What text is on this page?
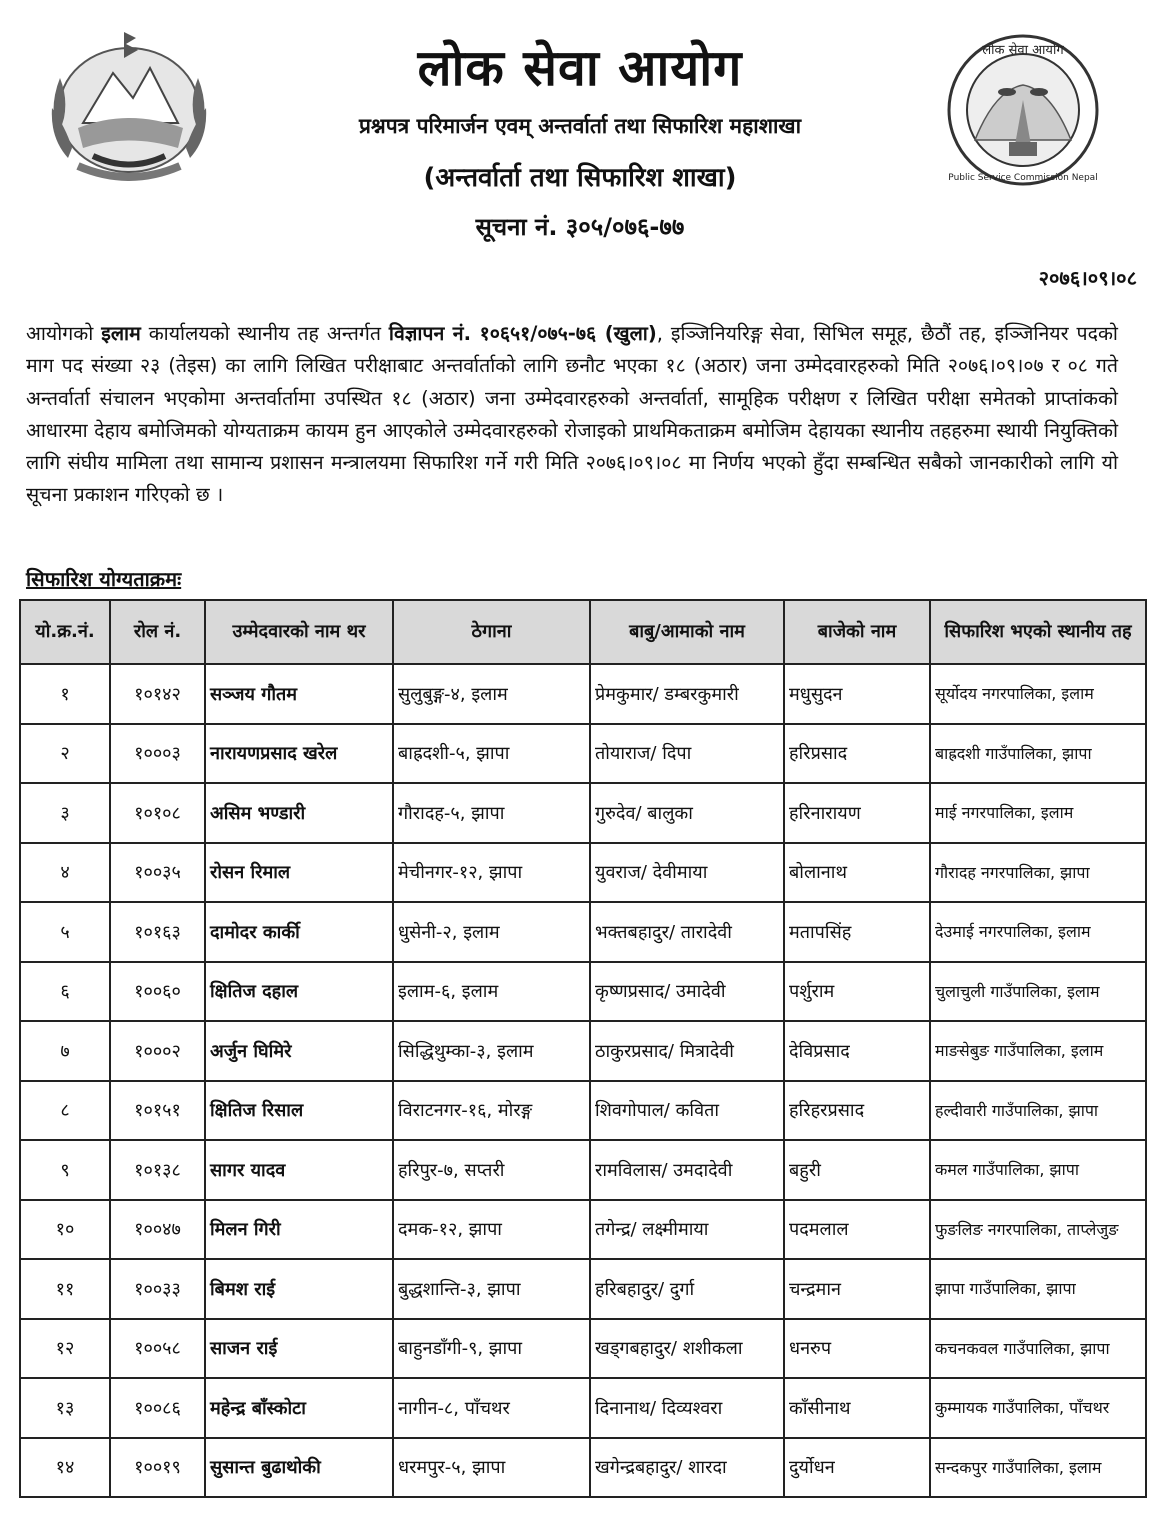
लोक सेवा आयोग
Public Service Commission Nepal
लोक सेवा आयोग
प्रश्नपत्र परिमार्जन एवम् अन्तर्वार्ता तथा सिफारिश महाशाखा
(अन्तर्वार्ता तथा सिफारिश शाखा)
सूचना नं. ३०५/०७६-७७
२०७६।०९।०८
आयोगको इलाम कार्यालयको स्थानीय तह अन्तर्गत विज्ञापन नं. १०६५१/०७५-७६ (खुला), इञ्जिनियरिङ्ग सेवा, सिभिल समूह, छैठौं तह, इञ्जिनियर पदको माग पद संख्या २३ (तेइस) का लागि लिखित परीक्षाबाट अन्तर्वार्ताको लागि छनौट भएका १८ (अठार) जना उम्मेदवारहरुको मिति २०७६।०९।०७ र ०८ गते अन्तर्वार्ता संचालन भएकोमा अन्तर्वार्तामा उपस्थित १८ (अठार) जना उम्मेदवारहरुको अन्तर्वार्ता, सामूहिक परीक्षण र लिखित परीक्षा समेतको प्राप्तांकको आधारमा देहाय बमोजिमको योग्यताक्रम कायम हुन आएकोले उम्मेदवारहरुको रोजाइको प्राथमिकताक्रम बमोजिम देहायका स्थानीय तहहरुमा स्थायी नियुक्तिको लागि संघीय मामिला तथा सामान्य प्रशासन मन्त्रालयमा सिफारिश गर्ने गरी मिति २०७६।०९।०८ मा निर्णय भएको हुँदा सम्बन्धित सबैको जानकारीको लागि यो सूचना प्रकाशन गरिएको छ ।
सिफारिश योग्यताक्रमः
यो.क्र.नं.	रोल नं.	उम्मेदवारको नाम थर	ठेगाना	बाबु/आमाको नाम	बाजेको नाम	सिफारिश भएको स्थानीय तह
१	१०१४२	सञ्जय गौतम	सुलुबुङ्ग-४, इलाम	प्रेमकुमार/ डम्बरकुमारी	मधुसुदन	सूर्योदय नगरपालिका, इलाम
२	१०००३	नारायणप्रसाद खरेल	बाह्रदशी-५, झापा	तोयाराज/ दिपा	हरिप्रसाद	बाह्रदशी गाउँपालिका, झापा
३	१०१०८	असिम भण्डारी	गौरादह-५, झापा	गुरुदेव/ बालुका	हरिनारायण	माई नगरपालिका, इलाम
४	१००३५	रोसन रिमाल	मेचीनगर-१२, झापा	युवराज/ देवीमाया	बोलानाथ	गौरादह नगरपालिका, झापा
५	१०१६३	दामोदर कार्की	धुसेनी-२, इलाम	भक्तबहादुर/ तारादेवी	मतापसिंह	देउमाई नगरपालिका, इलाम
६	१००६०	क्षितिज दहाल	इलाम-६, इलाम	कृष्णप्रसाद/ उमादेवी	पर्शुराम	चुलाचुली गाउँपालिका, इलाम
७	१०००२	अर्जुन घिमिरे	सिद्धिथुम्का-३, इलाम	ठाकुरप्रसाद/ मित्रादेवी	देविप्रसाद	माङसेबुङ गाउँपालिका, इलाम
८	१०१५१	क्षितिज रिसाल	विराटनगर-१६, मोरङ्ग	शिवगोपाल/ कविता	हरिहरप्रसाद	हल्दीवारी गाउँपालिका, झापा
९	१०१३८	सागर यादव	हरिपुर-७, सप्तरी	रामविलास/ उमदादेवी	बहुरी	कमल गाउँपालिका, झापा
१०	१००४७	मिलन गिरी	दमक-१२, झापा	तगेन्द्र/ लक्ष्मीमाया	पदमलाल	फुङलिङ नगरपालिका, ताप्लेजुङ
११	१००३३	बिमश राई	बुद्धशान्ति-३, झापा	हरिबहादुर/ दुर्गा	चन्द्रमान	झापा गाउँपालिका, झापा
१२	१००५८	साजन राई	बाहुनडाँगी-९, झापा	खड्गबहादुर/ शशीकला	धनरुप	कचनकवल गाउँपालिका, झापा
१३	१००८६	महेन्द्र बाँस्कोटा	नागीन-८, पाँचथर	दिनानाथ/ दिव्यश्वरा	काँसीनाथ	कुम्मायक गाउँपालिका, पाँचथर
१४	१००१९	सुसान्त बुढाथोकी	धरमपुर-५, झापा	खगेन्द्रबहादुर/ शारदा	दुर्योधन	सन्दकपुर गाउँपालिका, इलाम
